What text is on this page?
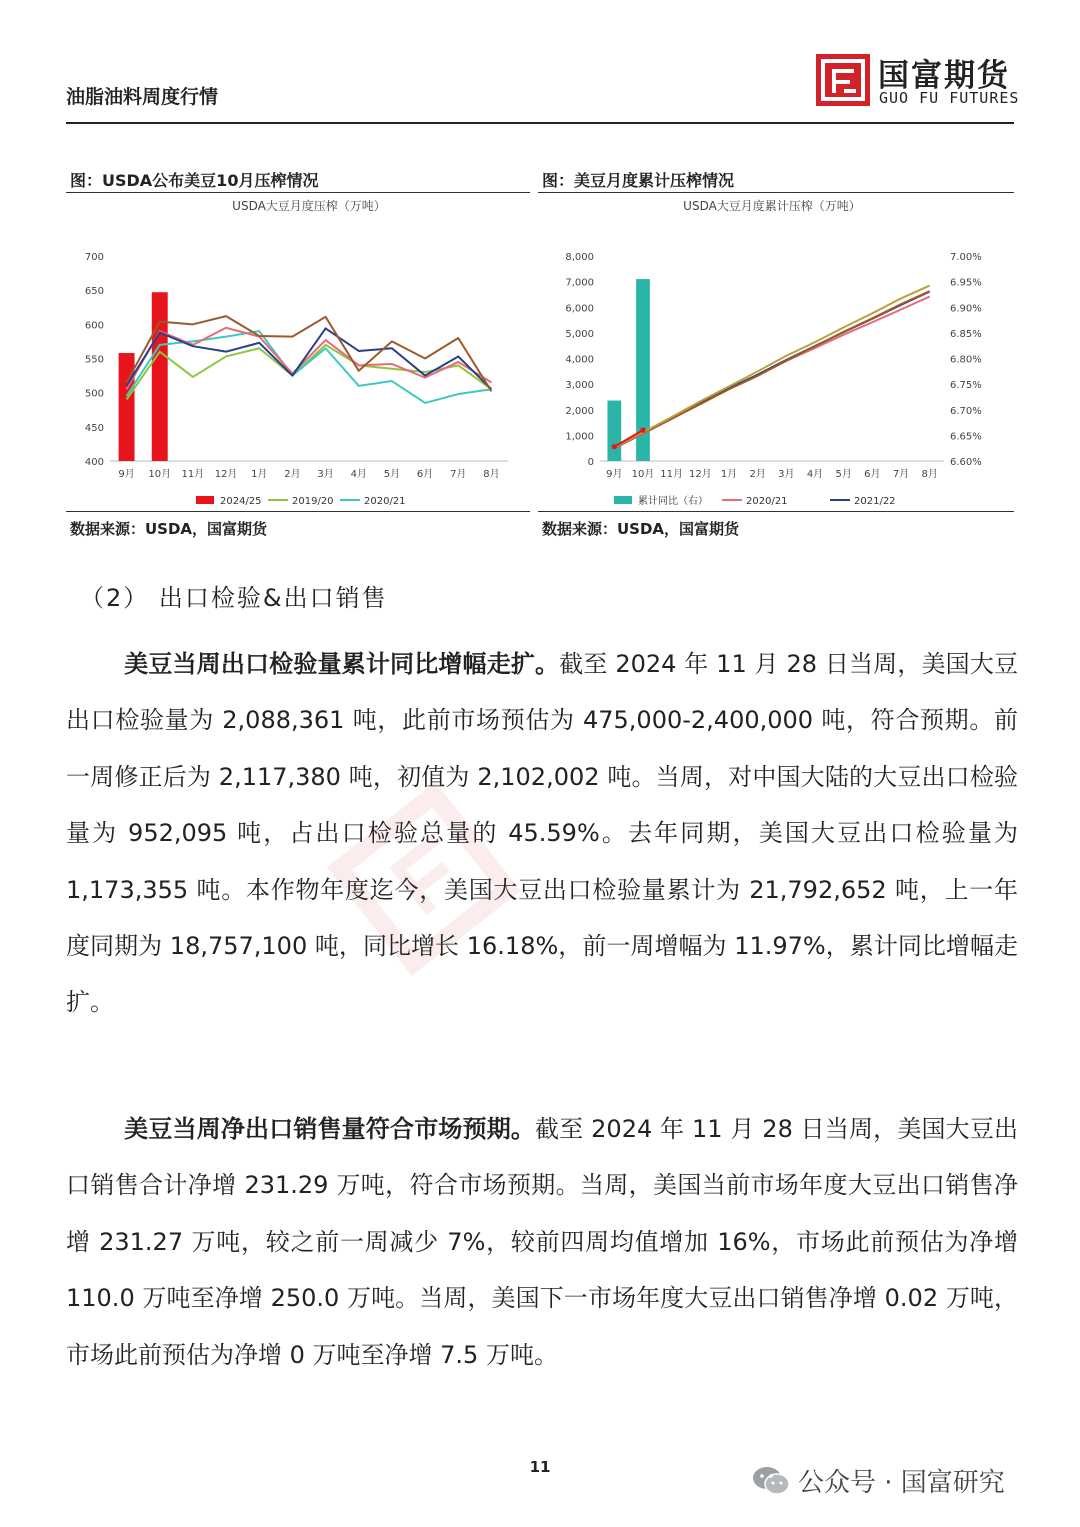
油脂油料周度行情
国富期货
GUO FU FUTURES
图：USDA公布美豆10月压榨情况
USDA大豆月度压榨（万吨）
400
450
500
550
600
650
700
9月 10月 11月 12月 1月 2月 3月 4月 5月 6月 7月 8月
2024/25	2019/20	2020/21
数据来源：USDA，国富期货
图：美豆月度累计压榨情况
USDA大豆月度累计压榨（万吨）
0
1,000
2,000
3,000
4,000
5,000
6,000
7,000
8,000
6.60%
6.65%
6.70%
6.75%
6.80%
6.85%
6.90%
6.95%
7.00%
9月 10月 11月 12月 1月 2月 3月 4月 5月 6月 7月 8月
累计同比（右）	2020/21	2021/22
数据来源：USDA，国富期货
（2） 出口检验&出口销售
美豆当周出口检验量累计同比增幅走扩。截至 2024 年 11 月 28 日当周，美国大豆出口检验量为 2,088,361 吨，此前市场预估为 475,000-2,400,000 吨，符合预期。前一周修正后为 2,117,380 吨，初值为 2,102,002 吨。当周，对中国大陆的大豆出口检验量为 952,095 吨，占出口检验总量的 45.59%。去年同期，美国大豆出口检验量为 1,173,355 吨。本作物年度迄今，美国大豆出口检验量累计为 21,792,652 吨，上一年度同期为 18,757,100 吨，同比增长 16.18%，前一周增幅为 11.97%，累计同比增幅走扩。
美豆当周净出口销售量符合市场预期。截至 2024 年 11 月 28 日当周，美国大豆出口销售合计净增 231.29 万吨，符合市场预期。当周，美国当前市场年度大豆出口销售净增 231.27 万吨，较之前一周减少 7%，较前四周均值增加 16%，市场此前预估为净增 110.0 万吨至净增 250.0 万吨。当周，美国下一市场年度大豆出口销售净增 0.02 万吨，市场此前预估为净增 0 万吨至净增 7.5 万吨。
11
公众号 · 国富研究
